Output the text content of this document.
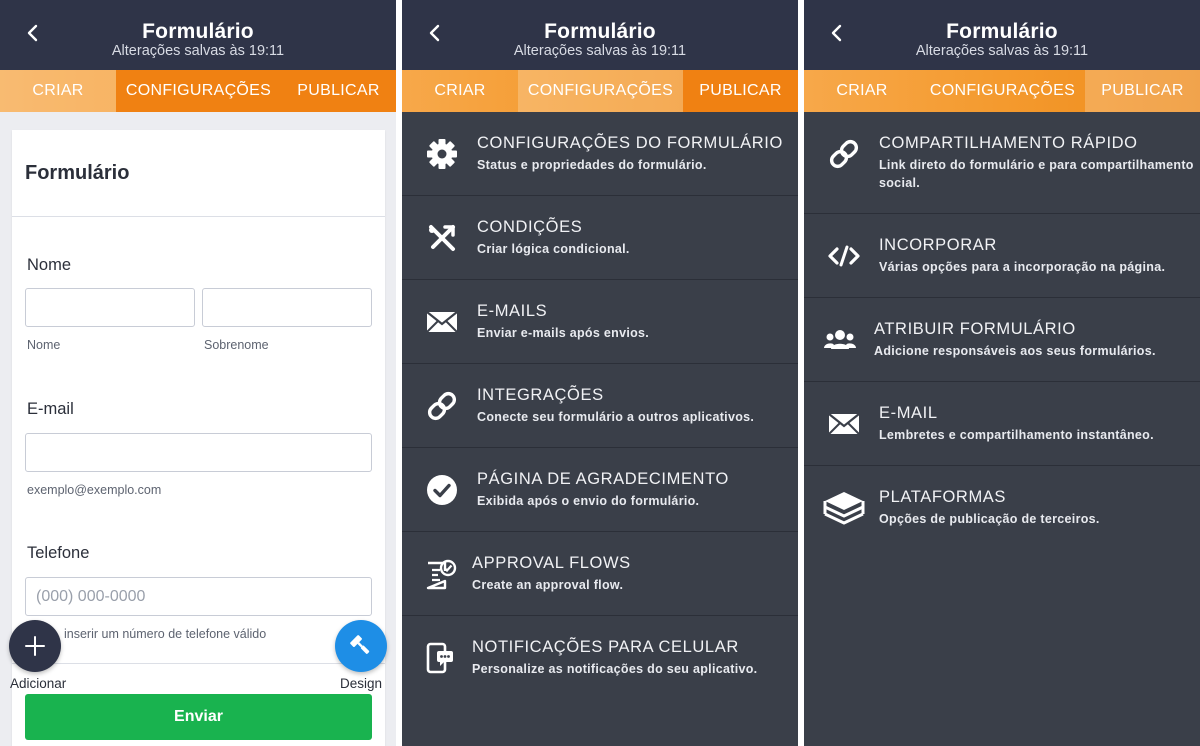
Formulário
Alterações salvas às 19:11
CRIAR	CONFIGURAÇÕES	PUBLICAR
Formulário
Nome
Nome	Sobrenome
E-mail
exemplo@exemplo.com
Telefone
(000) 000-0000
inserir um número de telefone válido
Enviar
Adicionar	Design
Formulário
Alterações salvas às 19:11
CRIAR	CONFIGURAÇÕES	PUBLICAR
CONFIGURAÇÕES DO FORMULÁRIO
Status e propriedades do formulário.
CONDIÇÕES
Criar lógica condicional.
E-MAILS
Enviar e-mails após envios.
INTEGRAÇÕES
Conecte seu formulário a outros aplicativos.
PÁGINA DE AGRADECIMENTO
Exibida após o envio do formulário.
APPROVAL FLOWS
Create an approval flow.
NOTIFICAÇÕES PARA CELULAR
Personalize as notificações do seu aplicativo.
Formulário
Alterações salvas às 19:11
CRIAR	CONFIGURAÇÕES	PUBLICAR
COMPARTILHAMENTO RÁPIDO
Link direto do formulário e para compartilhamento social.
INCORPORAR
Várias opções para a incorporação na página.
ATRIBUIR FORMULÁRIO
Adicione responsáveis aos seus formulários.
E-MAIL
Lembretes e compartilhamento instantâneo.
PLATAFORMAS
Opções de publicação de terceiros.
